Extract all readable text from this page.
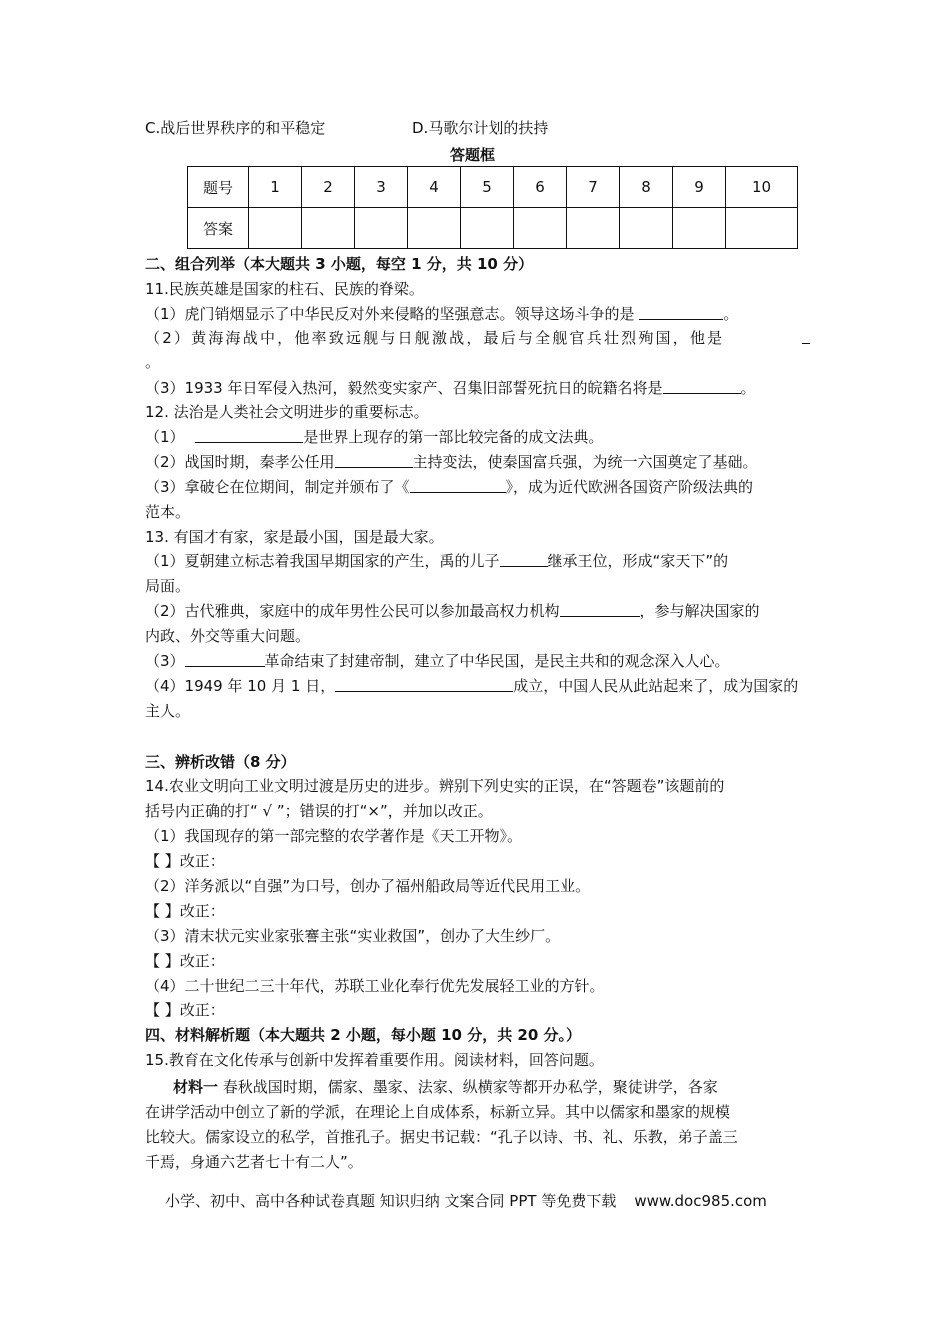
C.战后世界秩序的和平稳定	D.马歌尔计划的扶持
答题框
题号	1	2	3	4	5	6	7	8	9	10
答案										
二、组合列举（本大题共 3 小题，每空 1 分，共 10 分）
11.民族英雄是国家的柱石、民族的脊梁。
（1）虎门销烟显示了中华民反对外来侵略的坚强意志。领导这场斗争的是	。
（2）黄海海战中，他率致远舰与日舰激战，最后与全舰官兵壮烈殉国，他是
。
（3）1933 年日军侵入热河，毅然变实家产、召集旧部誓死抗日的皖籍名将是	。
12. 法治是人类社会文明进步的重要标志。
（1）	是世界上现存的第一部比较完备的成文法典。
（2）战国时期，秦孝公任用	主持变法，使秦国富兵强，为统一六国奠定了基础。
（3）拿破仑在位期间，制定并颁布了《	》，成为近代欧洲各国资产阶级法典的
范本。
13. 有国才有家，家是最小国，国是最大家。
（1）夏朝建立标志着我国早期国家的产生，禹的儿子	继承王位，形成“家天下”的
局面。
（2）古代雅典，家庭中的成年男性公民可以参加最高权力机构	，参与解决国家的
内政、外交等重大问题。
（3）	革命结束了封建帝制，建立了中华民国，是民主共和的观念深入人心。
（4）1949 年 10 月 1 日，	成立，中国人民从此站起来了，成为国家的
主人。
三、辨析改错（8 分）
14.农业文明向工业文明过渡是历史的进步。辨别下列史实的正误，在“答题卷”该题前的
括号内正确的打“ √ ”；错误的打“×”，并加以改正。
（1）我国现存的第一部完整的农学著作是《天工开物》。
【 】改正：
（2）洋务派以“自强”为口号，创办了福州船政局等近代民用工业。
【 】改正：
（3）清末状元实业家张謇主张“实业救国”，创办了大生纱厂。
【 】改正：
（4）二十世纪二三十年代，苏联工业化奉行优先发展轻工业的方针。
【 】改正：
四、材料解析题（本大题共 2 小题，每小题 10 分，共 20 分。）
15.教育在文化传承与创新中发挥着重要作用。阅读材料，回答问题。
材料一 春秋战国时期，儒家、墨家、法家、纵横家等都开办私学，聚徒讲学，各家
在讲学活动中创立了新的学派，在理论上自成体系，标新立异。其中以儒家和墨家的规模
比较大。儒家设立的私学，首推孔子。据史书记载：“孔子以诗、书、礼、乐教，弟子盖三
千焉，身通六艺者七十有二人”。
小学、初中、高中各种试卷真题 知识归纳 文案合同 PPT 等免费下载 www.doc985.com
